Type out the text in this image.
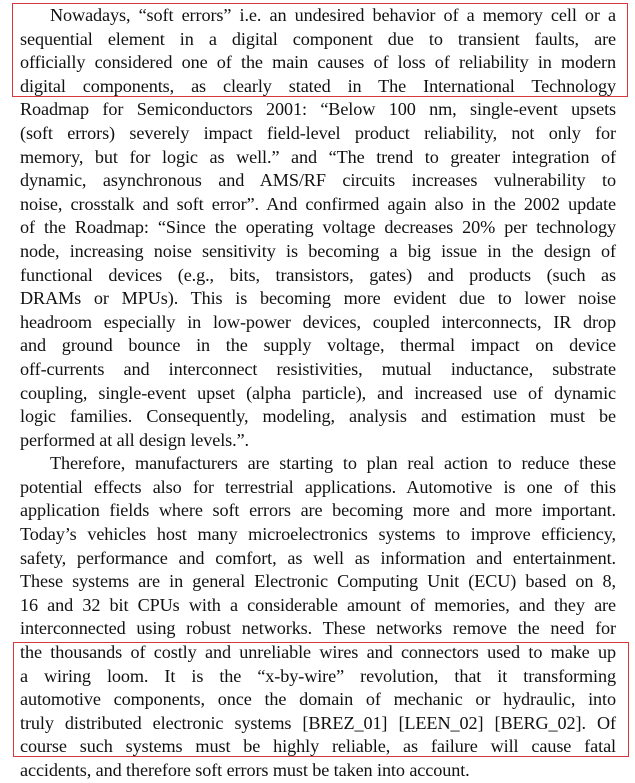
Nowadays, “soft errors” i.e. an undesired behavior of a memory cell or a
sequential element in a digital component due to transient faults, are
officially considered one of the main causes of loss of reliability in modern
digital components, as clearly stated in The International Technology
Roadmap for Semiconductors 2001: “Below 100 nm, single-event upsets
(soft errors) severely impact field-level product reliability, not only for
memory, but for logic as well.” and “The trend to greater integration of
dynamic, asynchronous and AMS/RF circuits increases vulnerability to
noise, crosstalk and soft error”. And confirmed again also in the 2002 update
of the Roadmap: “Since the operating voltage decreases 20% per technology
node, increasing noise sensitivity is becoming a big issue in the design of
functional devices (e.g., bits, transistors, gates) and products (such as
DRAMs or MPUs). This is becoming more evident due to lower noise
headroom especially in low-power devices, coupled interconnects, IR drop
and ground bounce in the supply voltage, thermal impact on device
off-currents and interconnect resistivities, mutual inductance, substrate
coupling, single-event upset (alpha particle), and increased use of dynamic
logic families. Consequently, modeling, analysis and estimation must be
performed at all design levels.”.
Therefore, manufacturers are starting to plan real action to reduce these
potential effects also for terrestrial applications. Automotive is one of this
application fields where soft errors are becoming more and more important.
Today’s vehicles host many microelectronics systems to improve efficiency,
safety, performance and comfort, as well as information and entertainment.
These systems are in general Electronic Computing Unit (ECU) based on 8,
16 and 32 bit CPUs with a considerable amount of memories, and they are
interconnected using robust networks. These networks remove the need for
the thousands of costly and unreliable wires and connectors used to make up
a wiring loom. It is the “x-by-wire” revolution, that it transforming
automotive components, once the domain of mechanic or hydraulic, into
truly distributed electronic systems [BREZ_01] [LEEN_02] [BERG_02]. Of
course such systems must be highly reliable, as failure will cause fatal
accidents, and therefore soft errors must be taken into account.
